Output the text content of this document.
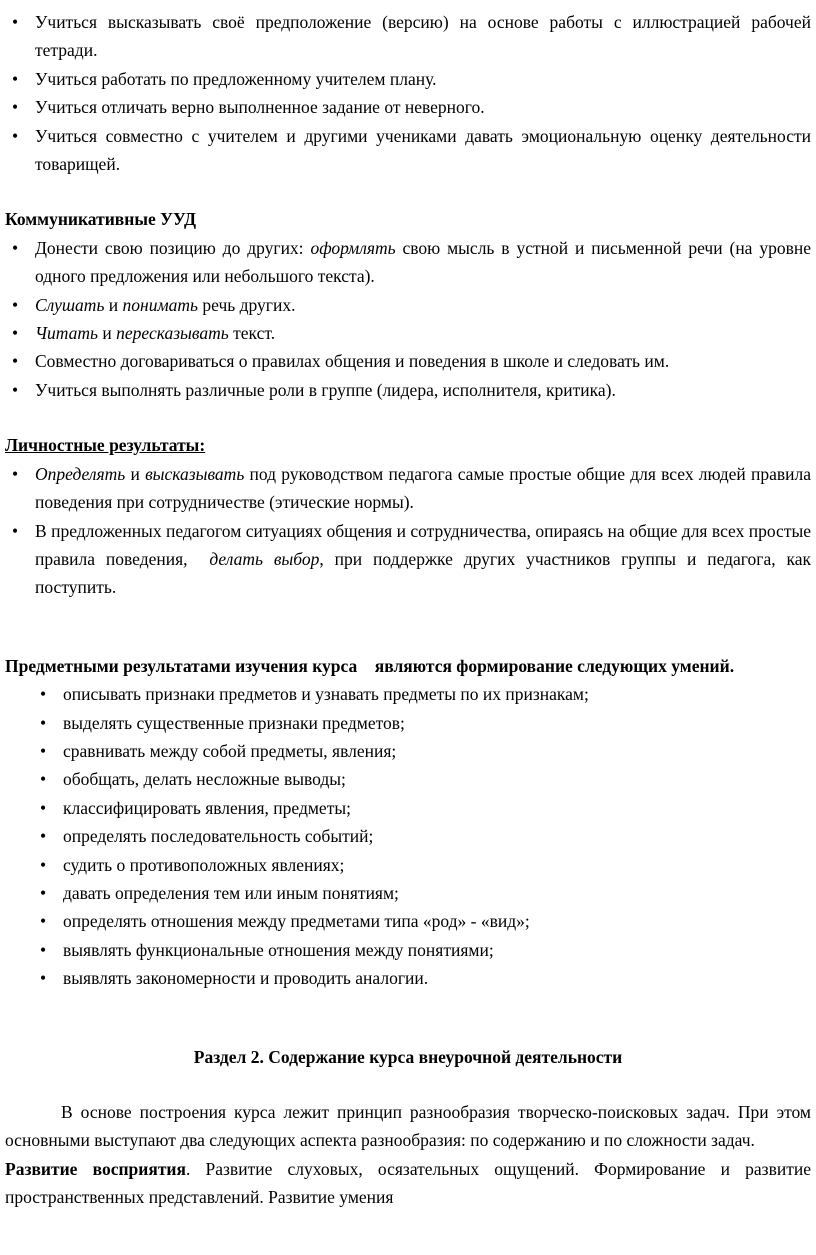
• Учиться высказывать своё предположение (версию) на основе работы с иллюстрацией рабочей тетради.
• Учиться работать по предложенному учителем плану.
• Учиться отличать верно выполненное задание от неверного.
• Учиться совместно с учителем и другими учениками давать эмоциональную оценку деятельности товарищей.
Коммуникативные УУД
• Донести свою позицию до других: оформлять свою мысль в устной и письменной речи (на уровне одного предложения или небольшого текста).
• Слушать и понимать речь других.
• Читать и пересказывать текст.
• Совместно договариваться о правилах общения и поведения в школе и следовать им.
• Учиться выполнять различные роли в группе (лидера, исполнителя, критика).
Личностные результаты:
• Определять и высказывать под руководством педагога самые простые общие для всех людей правила поведения при сотрудничестве (этические нормы).
• В предложенных педагогом ситуациях общения и сотрудничества, опираясь на общие для всех простые правила поведения,  делать выбор, при поддержке других участников группы и педагога, как поступить.

Предметными результатами изучения курса    являются формирование следующих умений.

• описывать признаки предметов и узнавать предметы по их признакам;
• выделять существенные признаки предметов;
• сравнивать между собой предметы, явления;
• обобщать, делать несложные выводы;
• классифицировать явления, предметы;
• определять последовательность событий;
• судить о противоположных явлениях;
• давать определения тем или иным понятиям;
• определять отношения между предметами типа «род» - «вид»;
• выявлять функциональные отношения между понятиями;
• выявлять закономерности и проводить аналогии.
Раздел 2. Содержание курса внеурочной деятельности

В основе построения курса лежит принцип разнообразия творческо-поисковых задач. При этом основными выступают два следующих аспекта разнообразия: по содержанию и по сложности задач.

Развитие восприятия. Развитие слуховых, осязательных ощущений. Формирование и развитие пространственных представлений. Развитие умения
